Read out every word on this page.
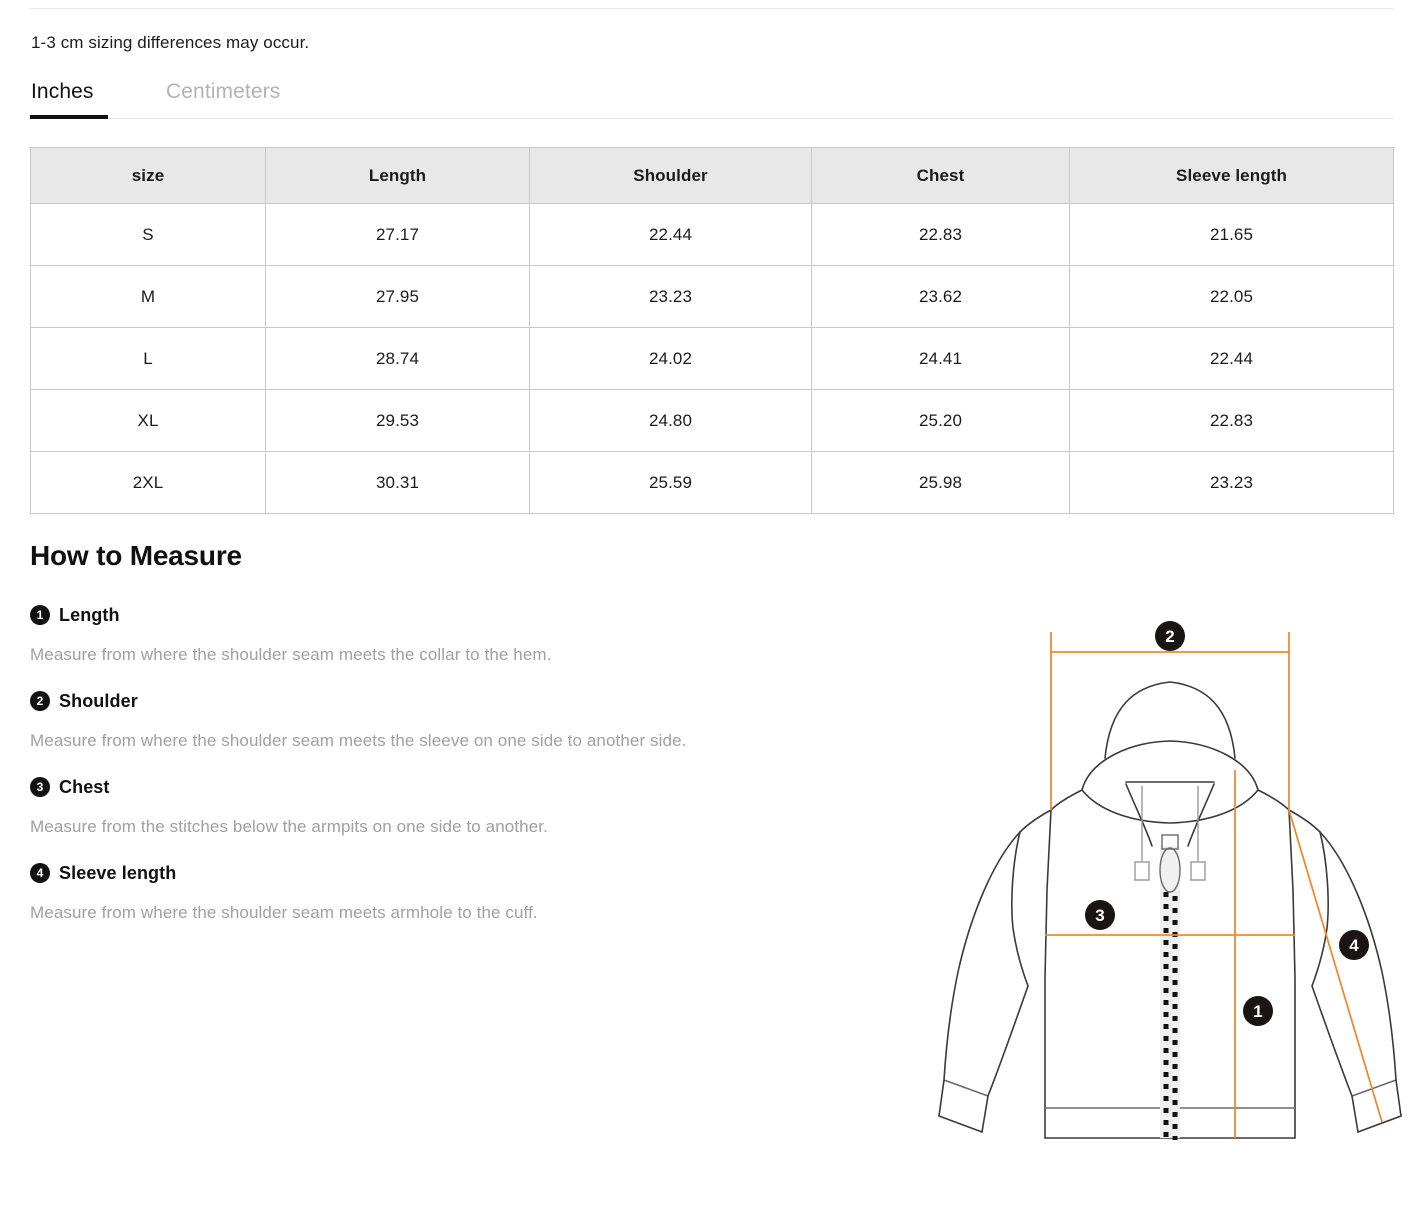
1-3 cm sizing differences may occur.
Inches	Centimeters
size	Length	Shoulder	Chest	Sleeve length
S	27.17	22.44	22.83	21.65
M	27.95	23.23	23.62	22.05
L	28.74	24.02	24.41	22.44
XL	29.53	24.80	25.20	22.83
2XL	30.31	25.59	25.98	23.23
How to Measure
1 Length
Measure from where the shoulder seam meets the collar to the hem.
2 Shoulder
Measure from where the shoulder seam meets the sleeve on one side to another side.
3 Chest
Measure from the stitches below the armpits on one side to another.
4 Sleeve length
Measure from where the shoulder seam meets armhole to the cuff.
2
3
1
4
